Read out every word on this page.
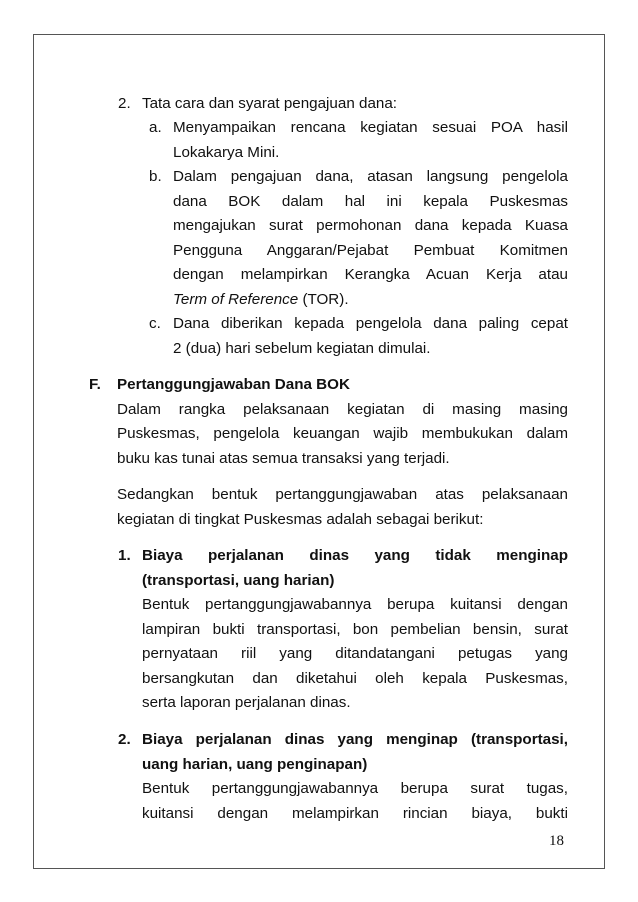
2. Tata cara dan syarat pengajuan dana:
a. Menyampaikan rencana kegiatan sesuai POA hasil
Lokakarya Mini.
b. Dalam pengajuan dana, atasan langsung pengelola
dana BOK dalam hal ini kepala Puskesmas
mengajukan surat permohonan dana kepada Kuasa
Pengguna Anggaran/Pejabat Pembuat Komitmen
dengan melampirkan Kerangka Acuan Kerja atau
Term of Reference (TOR).
c. Dana diberikan kepada pengelola dana paling cepat
2 (dua) hari sebelum kegiatan dimulai.
F. Pertanggungjawaban Dana BOK
Dalam rangka pelaksanaan kegiatan di masing masing
Puskesmas, pengelola keuangan wajib membukukan dalam
buku kas tunai atas semua transaksi yang terjadi.
Sedangkan bentuk pertanggungjawaban atas pelaksanaan
kegiatan di tingkat Puskesmas adalah sebagai berikut:
1. Biaya perjalanan dinas yang tidak menginap
(transportasi, uang harian)
Bentuk pertanggungjawabannya berupa kuitansi dengan
lampiran bukti transportasi, bon pembelian bensin, surat
pernyataan riil yang ditandatangani petugas yang
bersangkutan dan diketahui oleh kepala Puskesmas,
serta laporan perjalanan dinas.
2. Biaya perjalanan dinas yang menginap (transportasi,
uang harian, uang penginapan)
Bentuk pertanggungjawabannya berupa surat tugas,
kuitansi dengan melampirkan rincian biaya, bukti
18
